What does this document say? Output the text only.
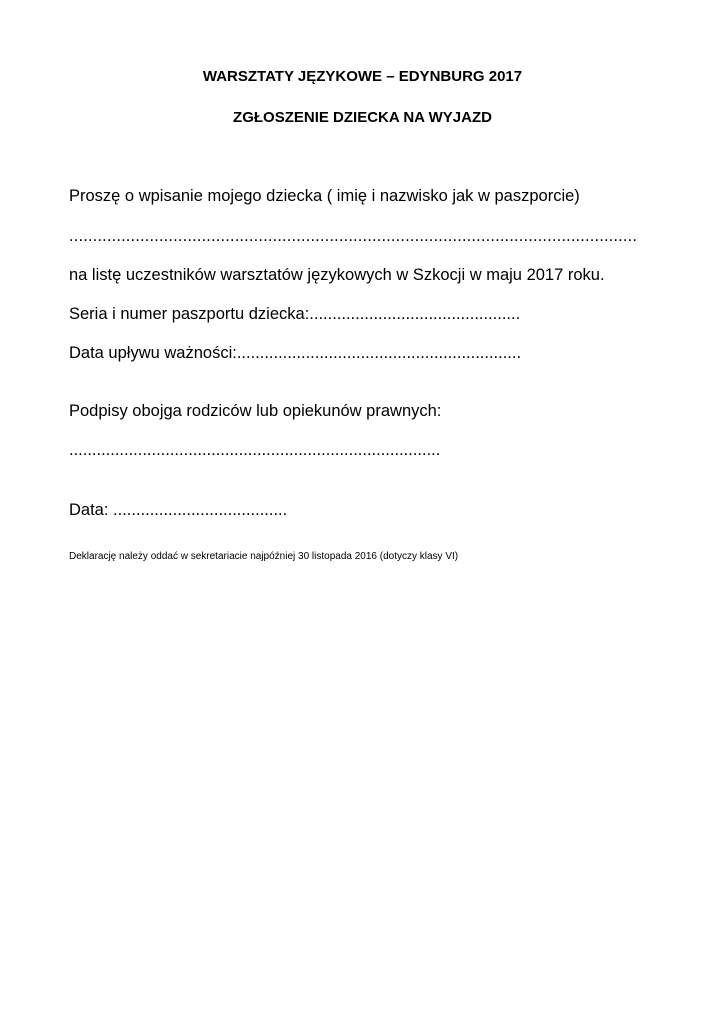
WARSZTATY JĘZYKOWE – EDYNBURG 2017
ZGŁOSZENIE DZIECKA NA WYJAZD
Proszę o wpisanie mojego dziecka ( imię i nazwisko jak w paszporcie)
........................................................................................................................
na listę uczestników warsztatów językowych w Szkocji w maju 2017 roku.
Seria i numer paszportu dziecka:..............................................
Data upływu ważności:..............................................................
Podpisy obojga rodziców lub opiekunów prawnych:
.................................................................................
Data: ......................................
Deklarację należy oddać w sekretariacie najpóźniej 30 listopada 2016 (dotyczy klasy VI)
